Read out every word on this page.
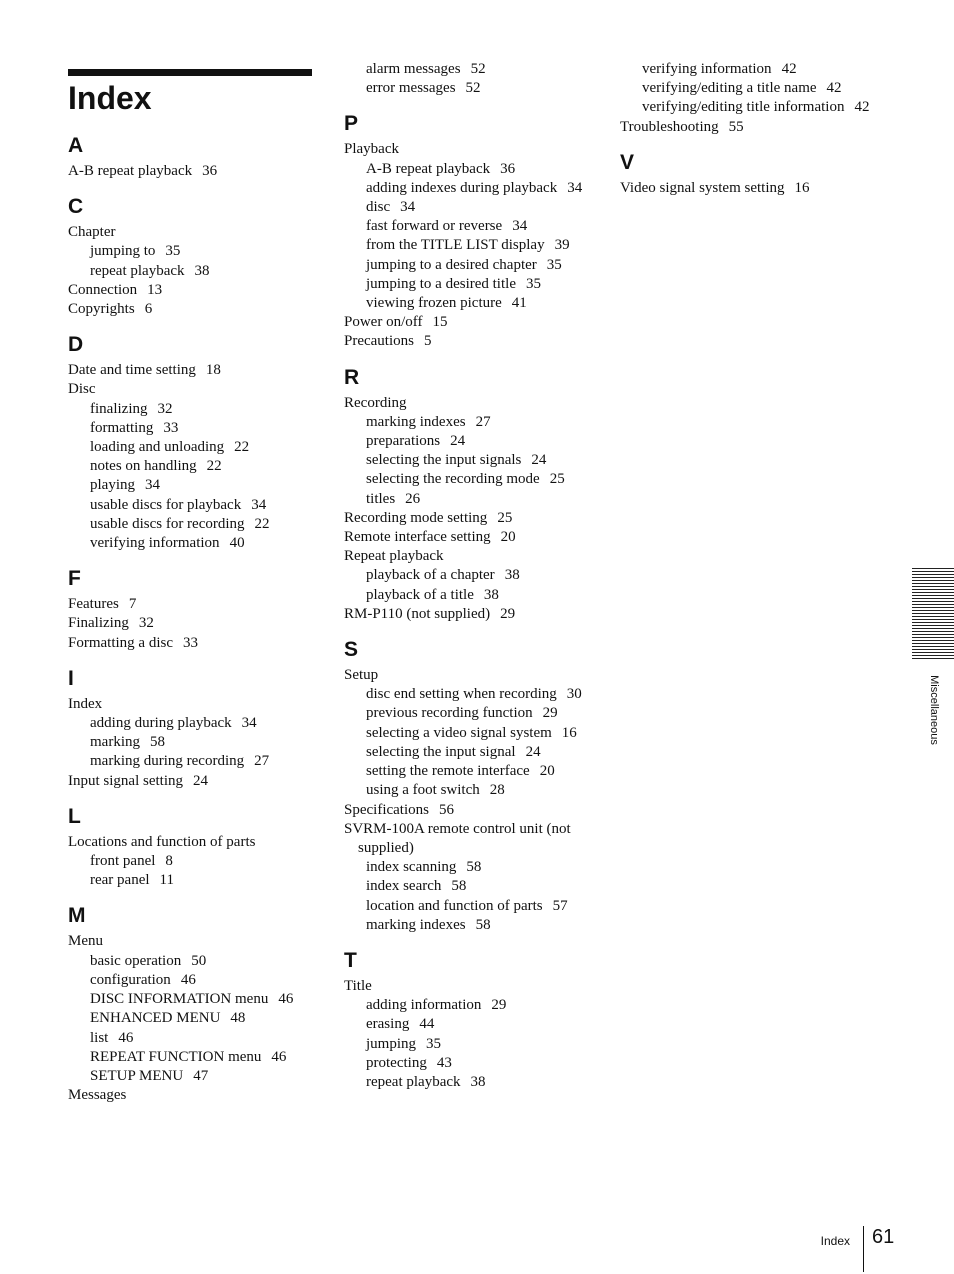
Index
A
A-B repeat playback 36
C
Chapter
jumping to 35
repeat playback 38
Connection 13
Copyrights 6
D
Date and time setting 18
Disc
finalizing 32
formatting 33
loading and unloading 22
notes on handling 22
playing 34
usable discs for playback 34
usable discs for recording 22
verifying information 40
F
Features 7
Finalizing 32
Formatting a disc 33
I
Index
adding during playback 34
marking 58
marking during recording 27
Input signal setting 24
L
Locations and function of parts
front panel 8
rear panel 11
M
Menu
basic operation 50
configuration 46
DISC INFORMATION menu 46
ENHANCED MENU 48
list 46
REPEAT FUNCTION menu 46
SETUP MENU 47
Messages
alarm messages 52
error messages 52
P
Playback
A-B repeat playback 36
adding indexes during playback 34
disc 34
fast forward or reverse 34
from the TITLE LIST display 39
jumping to a desired chapter 35
jumping to a desired title 35
viewing frozen picture 41
Power on/off 15
Precautions 5
R
Recording
marking indexes 27
preparations 24
selecting the input signals 24
selecting the recording mode 25
titles 26
Recording mode setting 25
Remote interface setting 20
Repeat playback
playback of a chapter 38
playback of a title 38
RM-P110 (not supplied) 29
S
Setup
disc end setting when recording 30
previous recording function 29
selecting a video signal system 16
selecting the input signal 24
setting the remote interface 20
using a foot switch 28
Specifications 56
SVRM-100A remote control unit (not supplied)
index scanning 58
index search 58
location and function of parts 57
marking indexes 58
T
Title
adding information 29
erasing 44
jumping 35
protecting 43
repeat playback 38
verifying information 42
verifying/editing a title name 42
verifying/editing title information 42
Troubleshooting 55
V
Video signal system setting 16
Miscellaneous
Index 61
